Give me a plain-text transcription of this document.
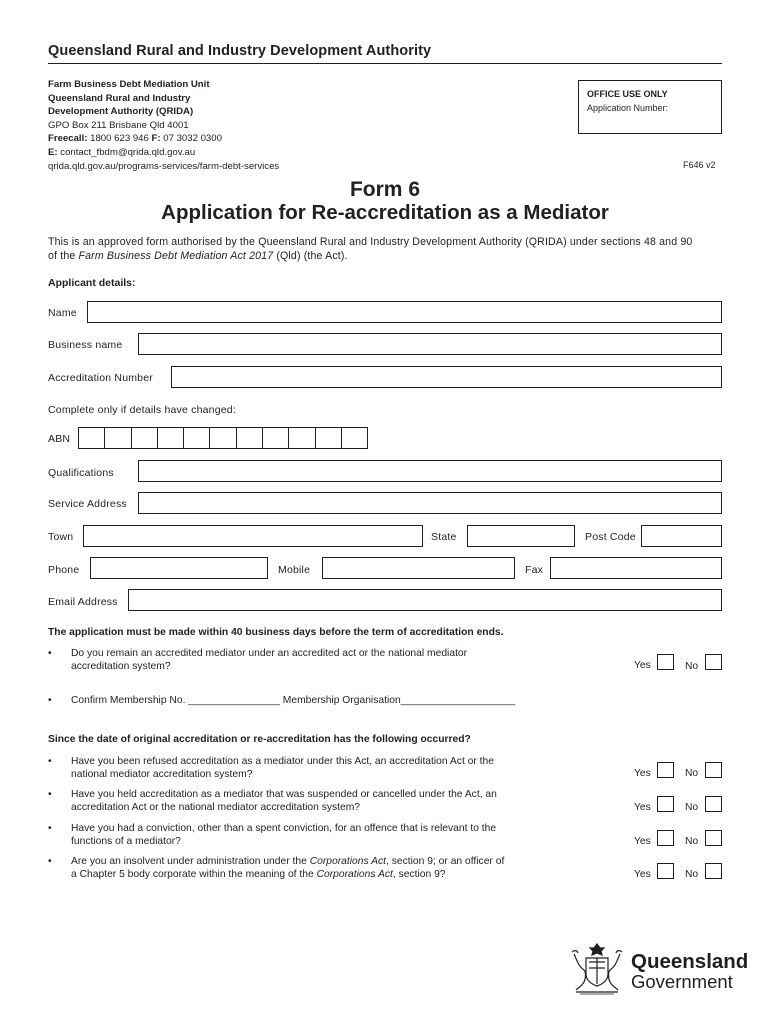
Queensland Rural and Industry Development Authority
Farm Business Debt Mediation Unit
Queensland Rural and Industry
Development Authority (QRIDA)
GPO Box 211 Brisbane Qld 4001
Freecall: 1800 623 946 F: 07 3032 0300
E: contact_fbdm@qrida.qld.gov.au
qrida.qld.gov.au/programs-services/farm-debt-services
OFFICE USE ONLY
Application Number:
F646 v2
Form 6
Application for Re-accreditation as a Mediator
This is an approved form authorised by the Queensland Rural and Industry Development Authority (QRIDA) under sections 48 and 90
of the Farm Business Debt Mediation Act 2017 (Qld) (the Act).
Applicant details:
Name
Business name
Accreditation Number
Complete only if details have changed:
ABN
Qualifications
Service Address
Town	State	Post Code
Phone	Mobile	Fax
Email Address
The application must be made within 40 business days before the term of accreditation ends.
• Do you remain an accredited mediator under an accredited act or the national mediator
accreditation system?	Yes	No
• Confirm Membership No. ________________ Membership Organisation____________________
Since the date of original accreditation or re-accreditation has the following occurred?
• Have you been refused accreditation as a mediator under this Act, an accreditation Act or the
national mediator accreditation system?	Yes	No
• Have you held accreditation as a mediator that was suspended or cancelled under the Act, an
accreditation Act or the national mediator accreditation system?	Yes	No
• Have you had a conviction, other than a spent conviction, for an offence that is relevant to the
functions of a mediator?	Yes	No
• Are you an insolvent under administration under the Corporations Act, section 9; or an officer of
a Chapter 5 body corporate within the meaning of the Corporations Act, section 9?	Yes	No
Queensland
Government
